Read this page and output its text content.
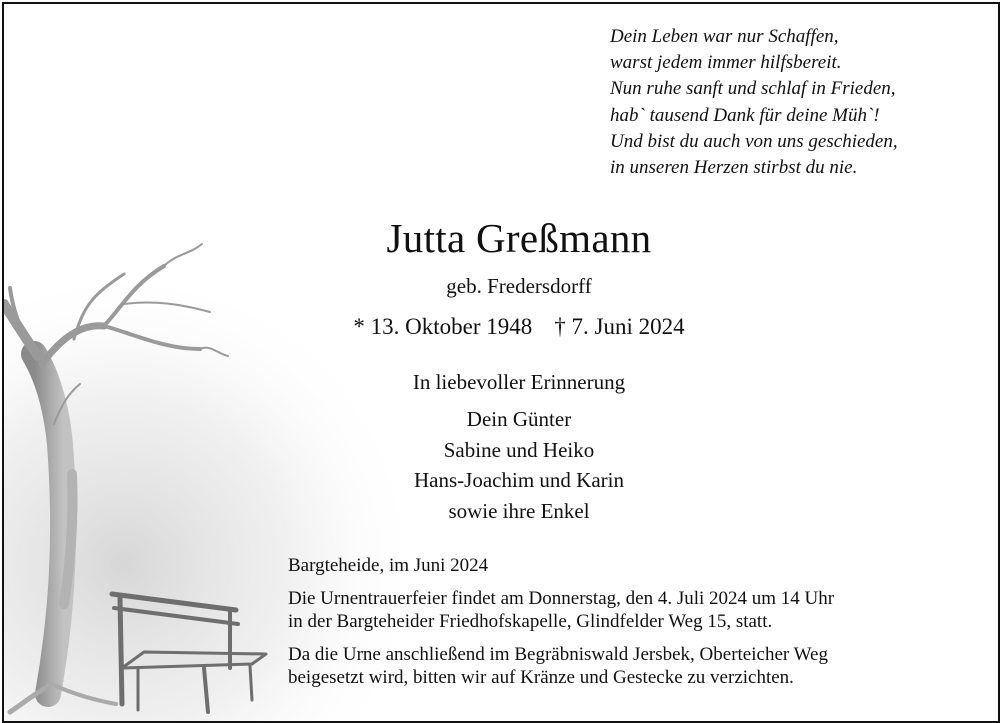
Dein Leben war nur Schaffen,
warst jedem immer hilfsbereit.
Nun ruhe sanft und schlaf in Frieden,
hab` tausend Dank für deine Müh`!
Und bist du auch von uns geschieden,
in unseren Herzen stirbst du nie.
Jutta Greßmann
geb. Fredersdorff
* 13. Oktober 1948 † 7. Juni 2024
In liebevoller Erinnerung
Dein Günter
Sabine und Heiko
Hans-Joachim und Karin
sowie ihre Enkel
Bargteheide, im Juni 2024
Die Urnentrauerfeier findet am Donnerstag, den 4. Juli 2024 um 14 Uhr
in der Bargteheider Friedhofskapelle, Glindfelder Weg 15, statt.
Da die Urne anschließend im Begräbniswald Jersbek, Oberteicher Weg
beigesetzt wird, bitten wir auf Kränze und Gestecke zu verzichten.
